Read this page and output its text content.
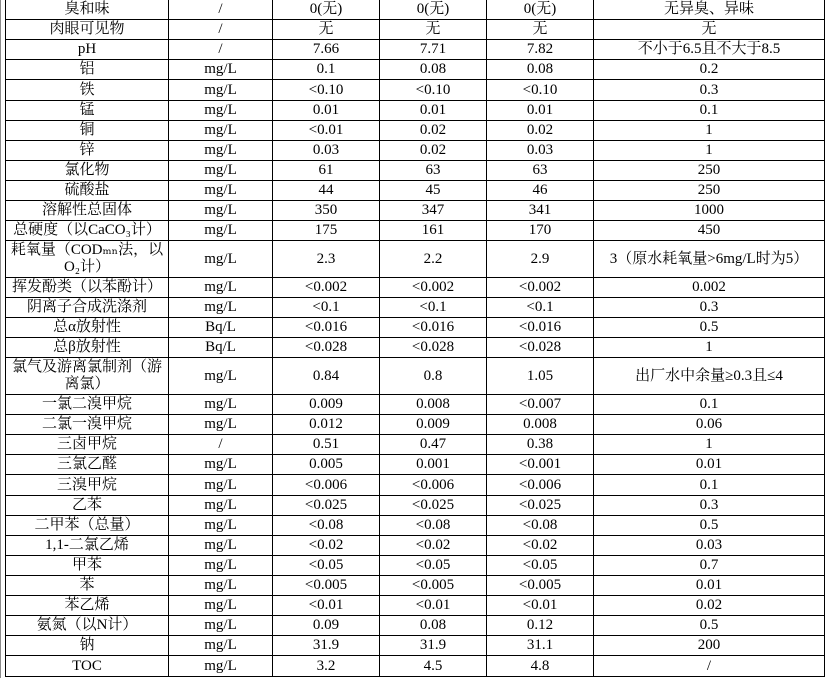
臭和味	/	0(无)	0(无)	0(无)	无异臭、异味
肉眼可见物	/	无	无	无	无
pH	/	7.66	7.71	7.82	不小于6.5且不大于8.5
铝	mg/L	0.1	0.08	0.08	0.2
铁	mg/L	<0.10	<0.10	<0.10	0.3
锰	mg/L	0.01	0.01	0.01	0.1
铜	mg/L	<0.01	0.02	0.02	1
锌	mg/L	0.03	0.02	0.03	1
氯化物	mg/L	61	63	63	250
硫酸盐	mg/L	44	45	46	250
溶解性总固体	mg/L	350	347	341	1000
总硬度（以CaCO₃计）	mg/L	175	161	170	450
耗氧量（CODₘₙ法，以O₂计）	mg/L	2.3	2.2	2.9	3（原水耗氧量>6mg/L时为5）
挥发酚类（以苯酚计）	mg/L	<0.002	<0.002	<0.002	0.002
阴离子合成洗涤剂	mg/L	<0.1	<0.1	<0.1	0.3
总α放射性	Bq/L	<0.016	<0.016	<0.016	0.5
总β放射性	Bq/L	<0.028	<0.028	<0.028	1
氯气及游离氯制剂（游离氯）	mg/L	0.84	0.8	1.05	出厂水中余量≥0.3且≤4
一氯二溴甲烷	mg/L	0.009	0.008	<0.007	0.1
二氯一溴甲烷	mg/L	0.012	0.009	0.008	0.06
三卤甲烷	/	0.51	0.47	0.38	1
三氯乙醛	mg/L	0.005	0.001	<0.001	0.01
三溴甲烷	mg/L	<0.006	<0.006	<0.006	0.1
乙苯	mg/L	<0.025	<0.025	<0.025	0.3
二甲苯（总量）	mg/L	<0.08	<0.08	<0.08	0.5
1,1-二氯乙烯	mg/L	<0.02	<0.02	<0.02	0.03
甲苯	mg/L	<0.05	<0.05	<0.05	0.7
苯	mg/L	<0.005	<0.005	<0.005	0.01
苯乙烯	mg/L	<0.01	<0.01	<0.01	0.02
氨氮（以N计）	mg/L	0.09	0.08	0.12	0.5
钠	mg/L	31.9	31.9	31.1	200
TOC	mg/L	3.2	4.5	4.8	/
